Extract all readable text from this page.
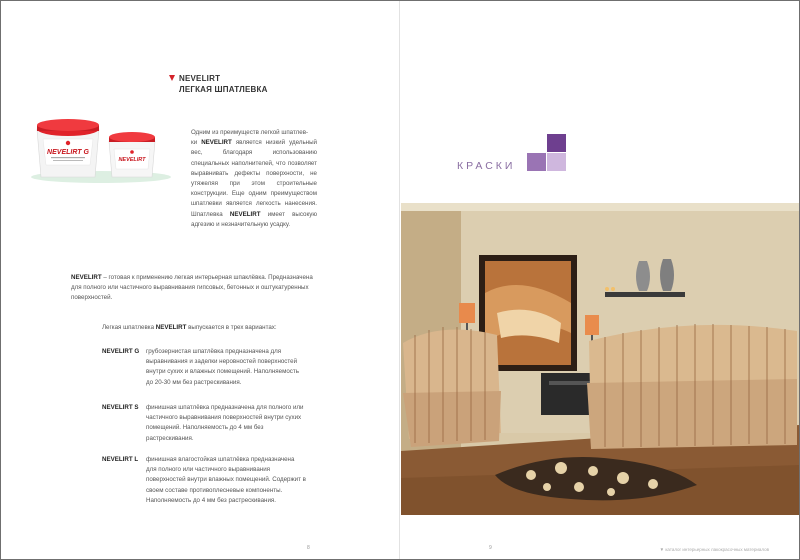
NEVELIRT
ЛЕГКАЯ ШПАТЛЕВКА
NEVELIRT G
NEVELIRT

Одним из преимуществ легкой шпатлев-
ки NEVELIRT является низкий удельный вес, благодаря использованию специальных наполнителей, что позволяет выравнивать дефекты поверхности, не утяжеляя при этом строительные конструкции. Еще одним преимуществом шпатлевки является легкость нанесения. Шпатлевка NEVELIRT имеет высокую адгезию и незначительную усадку.

NEVELIRT – готовая к применению легкая интерьерная шпаклёвка. Предназначена для полного или частичного выравнивания гипсовых, бетонных и оштукатуренных поверхностей.

Легкая шпатлевка NEVELIRT выпускается в трех вариантах:

NEVELIRT G грубозернистая шпатлёвка предназначена для выравнивания и заделки неровностей поверхностей внутри сухих и влажных помещений. Наполняемость до 20-30 мм без растрескивания.

NEVELIRT S финишная шпатлёвка предназначена для полного или частичного выравнивания поверхностей внутри сухих помещений. Наполняемость до 4 мм без растрескивания.

NEVELIRT L финишная влагостойкая шпатлёвка предназначена для полного или частичного выравнивания поверхностей внутри влажных помещений. Содержит в своем составе противоплесневые компоненты. Наполняемость до 4 мм без растрескивания.

8
КРАСКИ
9	▼ каталог интерьерных лакокрасочных материалов
